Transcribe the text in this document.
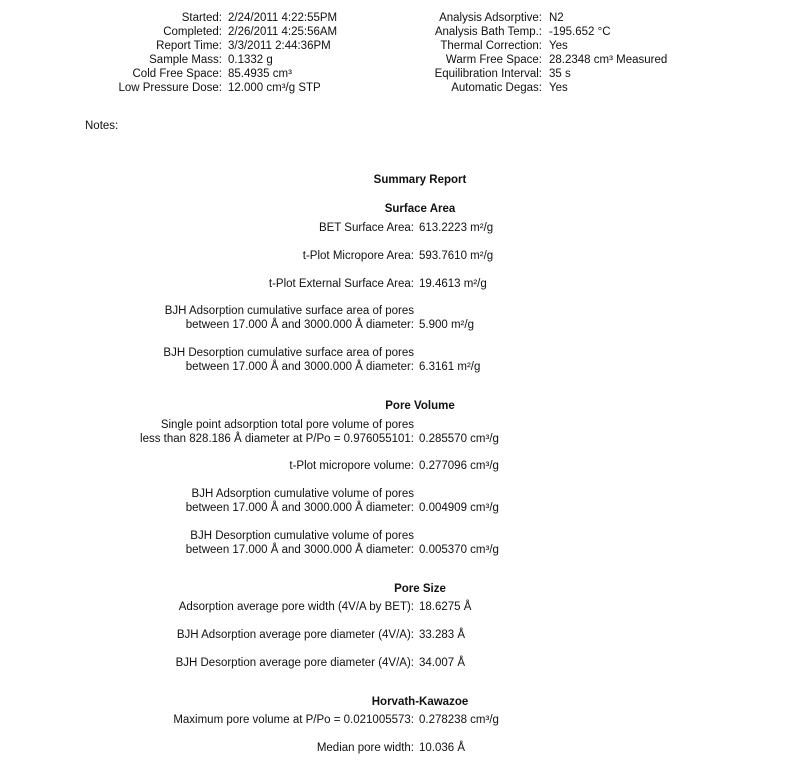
Started: 2/24/2011 4:22:55PM	Analysis Adsorptive: N2
Completed: 2/26/2011 4:25:56AM	Analysis Bath Temp.: -195.652 °C
Report Time: 3/3/2011 2:44:36PM	Thermal Correction: Yes
Sample Mass: 0.1332 g	Warm Free Space: 28.2348 cm³ Measured
Cold Free Space: 85.4935 cm³	Equilibration Interval: 35 s
Low Pressure Dose: 12.000 cm³/g STP	Automatic Degas: Yes
Notes:
Summary Report
Surface Area
BET Surface Area: 613.2223 m²/g
t-Plot Micropore Area: 593.7610 m²/g
t-Plot External Surface Area: 19.4613 m²/g
BJH Adsorption cumulative surface area of pores
between 17.000 Å and 3000.000 Å diameter: 5.900 m²/g
BJH Desorption cumulative surface area of pores
between 17.000 Å and 3000.000 Å diameter: 6.3161 m²/g
Pore Volume
Single point adsorption total pore volume of pores
less than 828.186 Å diameter at P/Po = 0.976055101: 0.285570 cm³/g
t-Plot micropore volume: 0.277096 cm³/g
BJH Adsorption cumulative volume of pores
between 17.000 Å and 3000.000 Å diameter: 0.004909 cm³/g
BJH Desorption cumulative volume of pores
between 17.000 Å and 3000.000 Å diameter: 0.005370 cm³/g
Pore Size
Adsorption average pore width (4V/A by BET): 18.6275 Å
BJH Adsorption average pore diameter (4V/A): 33.283 Å
BJH Desorption average pore diameter (4V/A): 34.007 Å
Horvath-Kawazoe
Maximum pore volume at P/Po = 0.021005573: 0.278238 cm³/g
Median pore width: 10.036 Å
